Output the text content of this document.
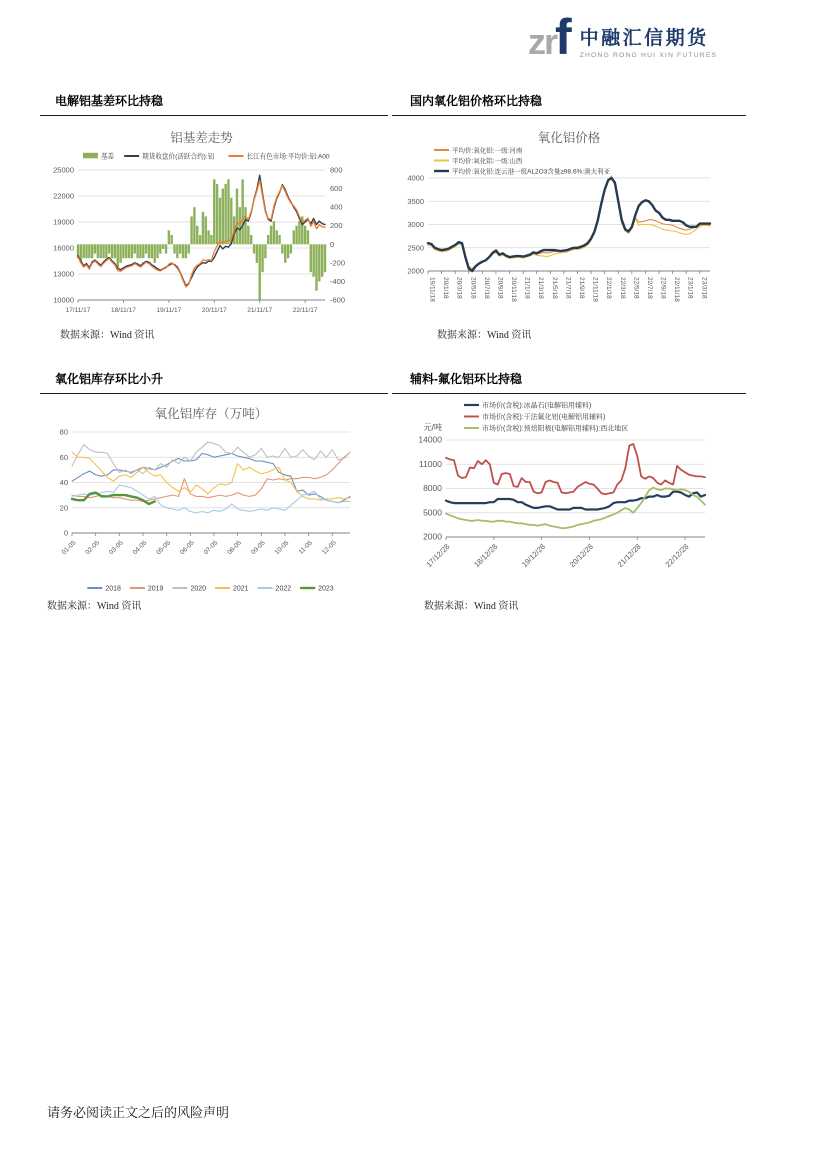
zrf 中融汇信期货
ZHONG RONG HUI XIN FUTURES
电解铝基差环比持稳	国内氧化铝价格环比持稳
铝基差走势
25000
22000
19000
16000
13000
10000
800
600
400
200
0
-200
-400
-600
17/11/17	18/11/17	19/11/17	20/11/17	21/11/17	22/11/17
基差	期货收盘价(活跃合约):铝	长江有色市场:平均价:铝:A00
氧化铝价格
4000
3500
3000
2500
2000
19/11/18 20/1/18 20/3/18 20/5/18 20/7/18 20/9/18 20/11/18 21/1/18 21/3/18 21/5/18 21/7/18 21/9/18 21/11/18 22/1/18 22/3/18 22/5/18 22/7/18 22/9/18 22/11/18 23/1/18 23/3/18
平均价:氧化铝:一级:河南
平均价:氧化铝:一级:山西
平均价:氧化铝:连云港一级AL2O3含量≥98.6%:澳大利亚
数据来源：Wind 资讯	数据来源：Wind 资讯
氧化铝库存环比小升	辅料-氟化铝环比持稳
氧化铝库存（万吨）
80
60
40
20
0
01-05 02-05 03-05 04-05 05-05 06-05 07-05 08-05 09-05 10-05 11-05 12-05
2018	2019	2020	2021	2022	2023
元/吨
14000
11000
8000
5000
2000
17/12/28	18/12/28	19/12/28	20/12/28	21/12/28	22/12/28
市场价(含税):冰晶石(电解铝用辅料)
市场价(含税):干法氟化铝(电解铝用辅料)
市场价(含税):预焙阳极(电解铝用辅料):西北地区
数据来源：Wind 资讯	数据来源：Wind 资讯
请务必阅读正文之后的风险声明
